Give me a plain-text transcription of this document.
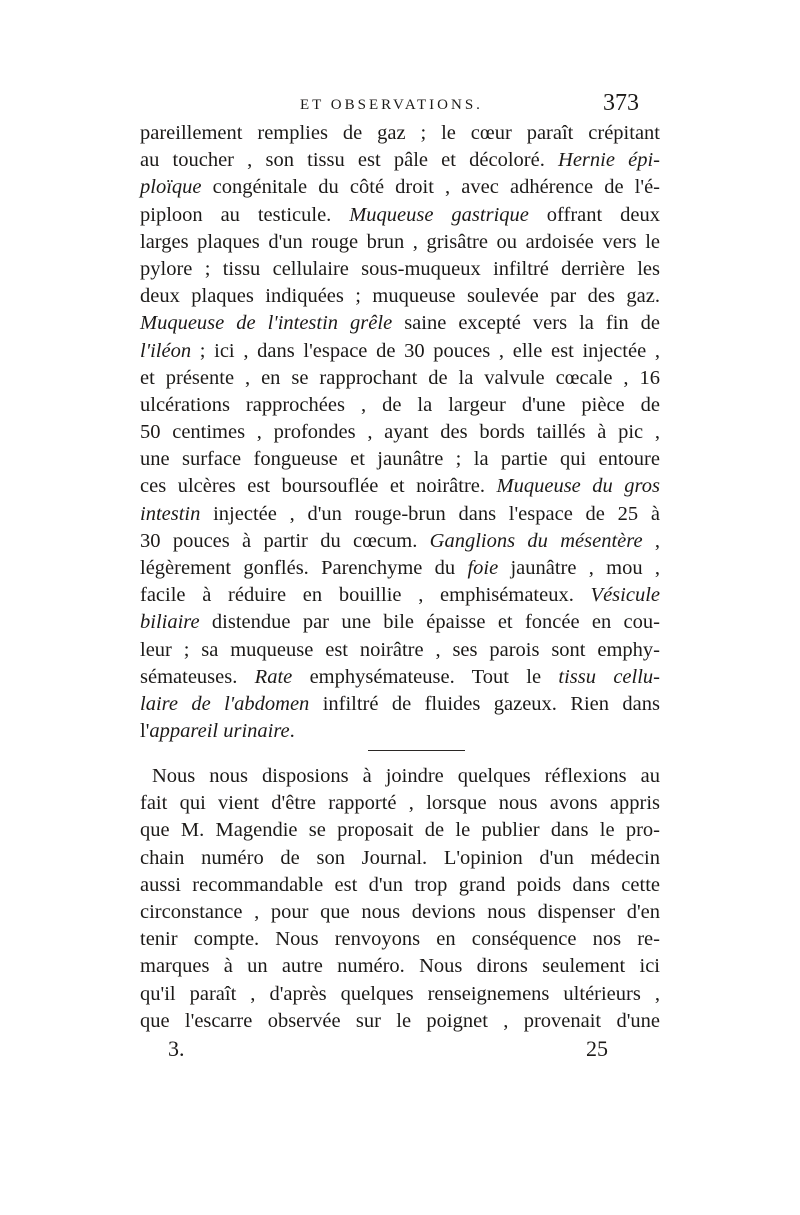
ET OBSERVATIONS.	373
pareillement remplies de gaz ; le cœur paraît crépitant
au toucher , son tissu est pâle et décoloré. Hernie épi-
ploïque congénitale du côté droit , avec adhérence de l'é-
piploon au testicule. Muqueuse gastrique offrant deux
larges plaques d'un rouge brun , grisâtre ou ardoisée vers le
pylore ; tissu cellulaire sous-muqueux infiltré derrière les
deux plaques indiquées ; muqueuse soulevée par des gaz.
Muqueuse de l'intestin grêle saine excepté vers la fin de
l'iléon ; ici , dans l'espace de 30 pouces , elle est injectée ,
et présente , en se rapprochant de la valvule cœcale , 16
ulcérations rapprochées , de la largeur d'une pièce de
50 centimes , profondes , ayant des bords taillés à pic ,
une surface fongueuse et jaunâtre ; la partie qui entoure
ces ulcères est boursouflée et noirâtre. Muqueuse du gros
intestin injectée , d'un rouge-brun dans l'espace de 25 à
30 pouces à partir du cœcum. Ganglions du mésentère ,
légèrement gonflés. Parenchyme du foie jaunâtre , mou ,
facile à réduire en bouillie , emphisémateux. Vésicule
biliaire distendue par une bile épaisse et foncée en cou-
leur ; sa muqueuse est noirâtre , ses parois sont emphy-
sémateuses. Rate emphysémateuse. Tout le tissu cellu-
laire de l'abdomen infiltré de fluides gazeux. Rien dans
l'appareil urinaire.
Nous nous disposions à joindre quelques réflexions au
fait qui vient d'être rapporté , lorsque nous avons appris
que M. Magendie se proposait de le publier dans le pro-
chain numéro de son Journal. L'opinion d'un médecin
aussi recommandable est d'un trop grand poids dans cette
circonstance , pour que nous devions nous dispenser d'en
tenir compte. Nous renvoyons en conséquence nos re-
marques à un autre numéro. Nous dirons seulement ici
qu'il paraît , d'après quelques renseignemens ultérieurs ,
que l'escarre observée sur le poignet , provenait d'une
3.	25
